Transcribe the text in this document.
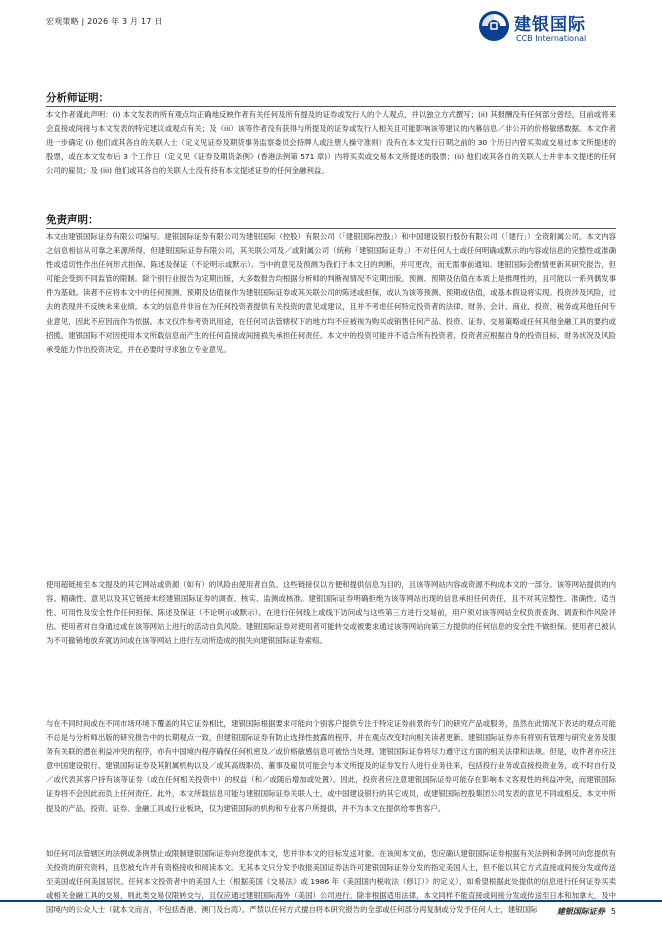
宏观策略 | 2026 年 3 月 17 日	建银国际
CCB International
分析师证明：

本文作者谨此声明：(i) 本文发表的所有观点均正确地反映作者有关任何及所有提及的证券或发行人的个人观点，并以独立方式撰写；(ii) 其报酬没有任何部分曾经，目前或将来会直接或间接与本文发表的特定建议或观点有关；及（iii）该等作者没有获得与所提及的证券或发行人相关且可能影响该等建议的内幕信息／非公开的价格敏感数据。本文作者进一步确定 (i) 他们或其各自的关联人士（定义见证券及期货事务监察委员会持牌人或注册人操守准则）没有在本文发行日期之前的 30 个历日内曾买卖或交易过本文所提述的股票，或在本文发布后 3 个工作日（定义见《证券及期货条例》(香港法例第 571 章)）内将买卖或交易本文所提述的股票；(ii) 他们或其各自的关联人士并非本文提述的任何公司的雇员；及 (iii) 他们或其各自的关联人士没有持有本文提述证券的任何金融利益。

免责声明：

本文由建银国际证券有限公司编写。建银国际证券有限公司为建银国际（控股）有限公司（「建银国际控股」）和中国建设银行股份有限公司（「建行」）全资附属公司。本文内容之信息相信从可靠之来源所得，但建银国际证券有限公司，其关联公司及／或附属公司（统称「建银国际证券」）不对任何人士或任何明确或默示的内容或信息的完整性或准确性或适切性作出任何形式担保、陈述及保证（不论明示或默示）。当中的意见及预测为我们于本文日的判断，并可更改，而无需事前通知。建银国际会酌情更新其研究报告，但可能会受到不同监管的限制。除个别行业报告为定期出版，大多数报告均根据分析师的判断视情况不定期出版。预测、预期及估值在本质上是推理性的，且可能以一系列偶发事件为基础。读者不应将本文中的任何预测、预期及估值视作为建银国际证券或其关联公司的陈述或担保，或认为该等预测、预期或估值，或基本假设将实现。投资涉及风险，过去的表现并不反映未来业绩。本文的信息并非旨在为任何投资者提供有关投资的意见或建议，且并不考虑任何特定投资者的法律、财务、会计、商业、投资、税务或其他任何专业意见，因此不应因而作为依据。本文仅作参考资讯用途，在任何司法管辖权下的地方均不应被视为购买或销售任何产品、投资、证券、交易策略或任何其他金融工具的要约或招揽。建银国际不对因使用本文所载信息而产生的任何直接或间接损失承担任何责任。本文中的投资可能并不适合所有投资者，投资者应根据自身的投资目标、财务状况及风险承受能力作出投资决定，并在必要时寻求独立专业意见。

使用超链接至本文提及的其它网站或资源（如有）的风险由使用者自负。这些链接仅以方便和提供信息为目的，且该等网站内容或资源不构成本文的一部分。该等网站提供的内容、精确性、意见以及其它链接未经建银国际证券的调查、核实、监测或核准。建银国际证券明确拒绝为该等网站出现的信息承担任何责任，且不对其完整性、准确性、适当性、可用性及安全性作任何担保、陈述及保证（不论明示或默示）。在进行任何线上或线下访问或与这些第三方进行交易前，用户须对该等网站全权负责查询、调查和作风险评估。使用者对自身通过或在该等网站上进行的活动自负风险。建银国际证券对使用者可能转交或被要求通过该等网站向第三方提供的任何信息的安全性不做担保。使用者已被认为不可撤销地放弃就访问或在该等网站上进行互动所造成的损失向建银国际证券索赔。

与在不同时间或在不同市场环境下覆盖的其它证券相比，建银国际根据要求可能向个别客户提供专注于特定证券前景的专门的研究产品或服务，虽然在此情况下表达的观点可能不总是与分析师出版的研究报告中的长期观点一致，但建银国际证券有防止选择性披露的程序，并在观点改变时向相关读者更新。建银国际证券亦有将别有管理与研究业务及服务有关联的潜在利益冲突的程序，亦有中国境内程序确保任何机密及／或价格敏感信息可被恰当处理。建银国际证券将尽力遵守这方面的相关法律和法规。但是，收件者亦应注意中国建设银行、建银国际证券及其附属机构以及／或其高级职员、董事及雇员可能会与本文所提及的证券发行人进行业务往来，包括投行业务或直接投资业务，或不时自行及／或代表其客户持有该等证券（或在任何相关投资中）的权益（和／或随后增加或处置）。因此，投资者应注意建银国际证券可能存在影响本文客观性的利益冲突，而建银国际证券将不会因此而负上任何责任。此外，本文所载信息可能与建银国际证券关联人士，或中国建设银行的其它成员，或建银国际控股集团公司发表的意见不同或相反。本文中所提及的产品、投资、证券、金融工具或行业板块，仅为建银国际的机构和专业客户所提供，并不为本文在提供给零售客户。

如任何司法管辖区的法例或条例禁止或限制建银国际证券向您提供本文，您并非本文的目标发送对象。在该阅本文前，您应确认建银国际证券根据有关法例和条例可向您提供有关投资的研究资料，且您被允许并有资格接收和阅读本文。无其本文只分发予收报美国证券法许可建银国际证券分发的指定美国人士，但不能以其它方式直接或间接分发或传送至美国或任何美国居民。任何本文投资者中的美国人士（根据美国《交易法》或 1986 年《美国国内税收法（修订）》的定义），如希望根据此处提供的信息进行任何证券买卖或相关金融工具的交易，则此类交易仅限转交与，且仅应通过建银国际海外（美国）公司进行。除非根据适用法律，本文同样不能直接或间接分发或传送至日本和加拿大，及中国境内的公众人士（就本文而言，不包括香港、澳门及台湾）。严禁以任何方式擅自将本研究报告的全部或任何部分再复制或分发予任何人士，建银国际	建银国际证券 5
